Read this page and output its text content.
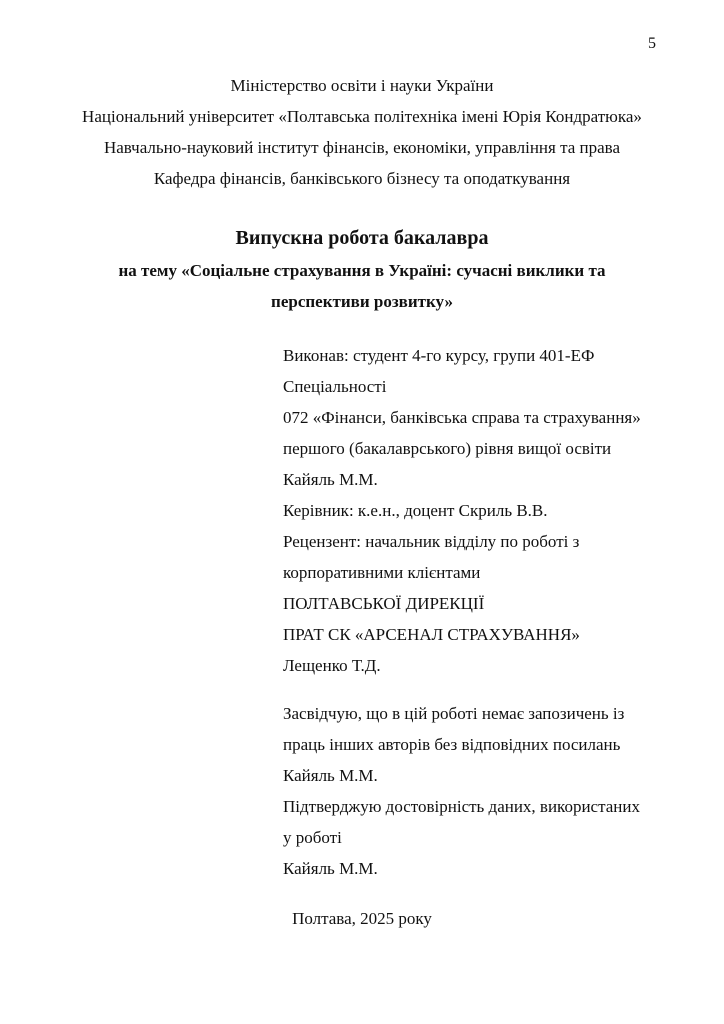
5
Міністерство освіти і науки України
Національний університет «Полтавська політехніка імені Юрія Кондратюка»
Навчально-науковий інститут фінансів, економіки, управління та права
Кафедра фінансів, банківського бізнесу та оподаткування
Випускна робота бакалавра
на тему «Соціальне страхування в Україні: сучасні виклики та
перспективи розвитку»
Виконав: студент 4-го курсу, групи 401-ЕФ
Спеціальності
072 «Фінанси, банківська справа та страхування»
першого (бакалаврського) рівня вищої освіти
Кайяль М.М.
Керівник: к.е.н., доцент Скриль В.В.
Рецензент: начальник відділу по роботі з
корпоративними клієнтами
ПОЛТАВСЬКОЇ ДИРЕКЦІЇ
ПРАТ СК «АРСЕНАЛ СТРАХУВАННЯ»
Лещенко Т.Д.
Засвідчую, що в цій роботі немає запозичень із
праць інших авторів без відповідних посилань
Кайяль М.М.
Підтверджую достовірність даних, використаних
у роботі
Кайяль М.М.
Полтава, 2025 року
